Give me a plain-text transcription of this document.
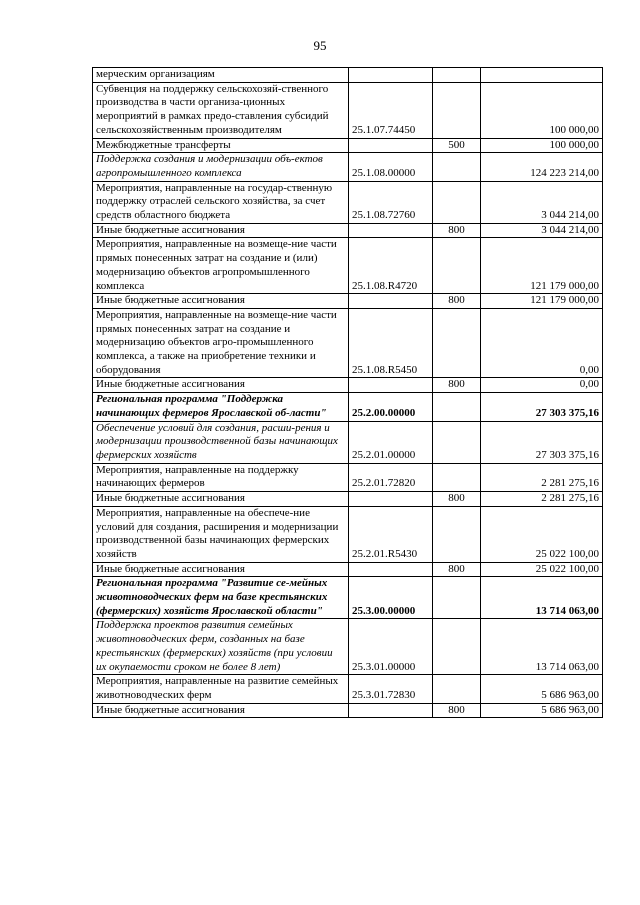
95
мерческим организациям			
Субвенция на поддержку сельскохозяй-ственного производства в части организа-ционных мероприятий в рамках предо-ставления субсидий сельскохозяйственным производителям	25.1.07.74450		100 000,00
Межбюджетные трансферты		500	100 000,00
Поддержка создания и модернизации объ-ектов агропромышленного комплекса	25.1.08.00000		124 223 214,00
Мероприятия, направленные на государ-ственную поддержку отраслей сельского хозяйства, за счет средств областного бюджета	25.1.08.72760		3 044 214,00
Иные бюджетные ассигнования		800	3 044 214,00
Мероприятия, направленные на возмеще-ние части прямых понесенных затрат на создание и (или) модернизацию объектов агропромышленного комплекса	25.1.08.R4720		121 179 000,00
Иные бюджетные ассигнования		800	121 179 000,00
Мероприятия, направленные на возмеще-ние части прямых понесенных затрат на создание и модернизацию объектов агро-промышленного комплекса, а также на приобретение техники и оборудования	25.1.08.R5450		0,00
Иные бюджетные ассигнования		800	0,00
Региональная программа "Поддержка начинающих фермеров Ярославской об-ласти"	25.2.00.00000		27 303 375,16
Обеспечение условий для создания, расши-рения и модернизации производственной базы начинающих фермерских хозяйств	25.2.01.00000		27 303 375,16
Мероприятия, направленные на поддержку начинающих фермеров	25.2.01.72820		2 281 275,16
Иные бюджетные ассигнования		800	2 281 275,16
Мероприятия, направленные на обеспече-ние условий для создания, расширения и модернизации производственной базы начинающих фермерских хозяйств	25.2.01.R5430		25 022 100,00
Иные бюджетные ассигнования		800	25 022 100,00
Региональная программа "Развитие се-мейных животноводческих ферм на базе крестьянских (фермерских) хозяйств Ярославской области"	25.3.00.00000		13 714 063,00
Поддержка проектов развития семейных животноводческих ферм, созданных на базе крестьянских (фермерских) хозяйств (при условии их окупаемости сроком не более 8 лет)	25.3.01.00000		13 714 063,00
Мероприятия, направленные на развитие семейных животноводческих ферм	25.3.01.72830		5 686 963,00
Иные бюджетные ассигнования		800	5 686 963,00
